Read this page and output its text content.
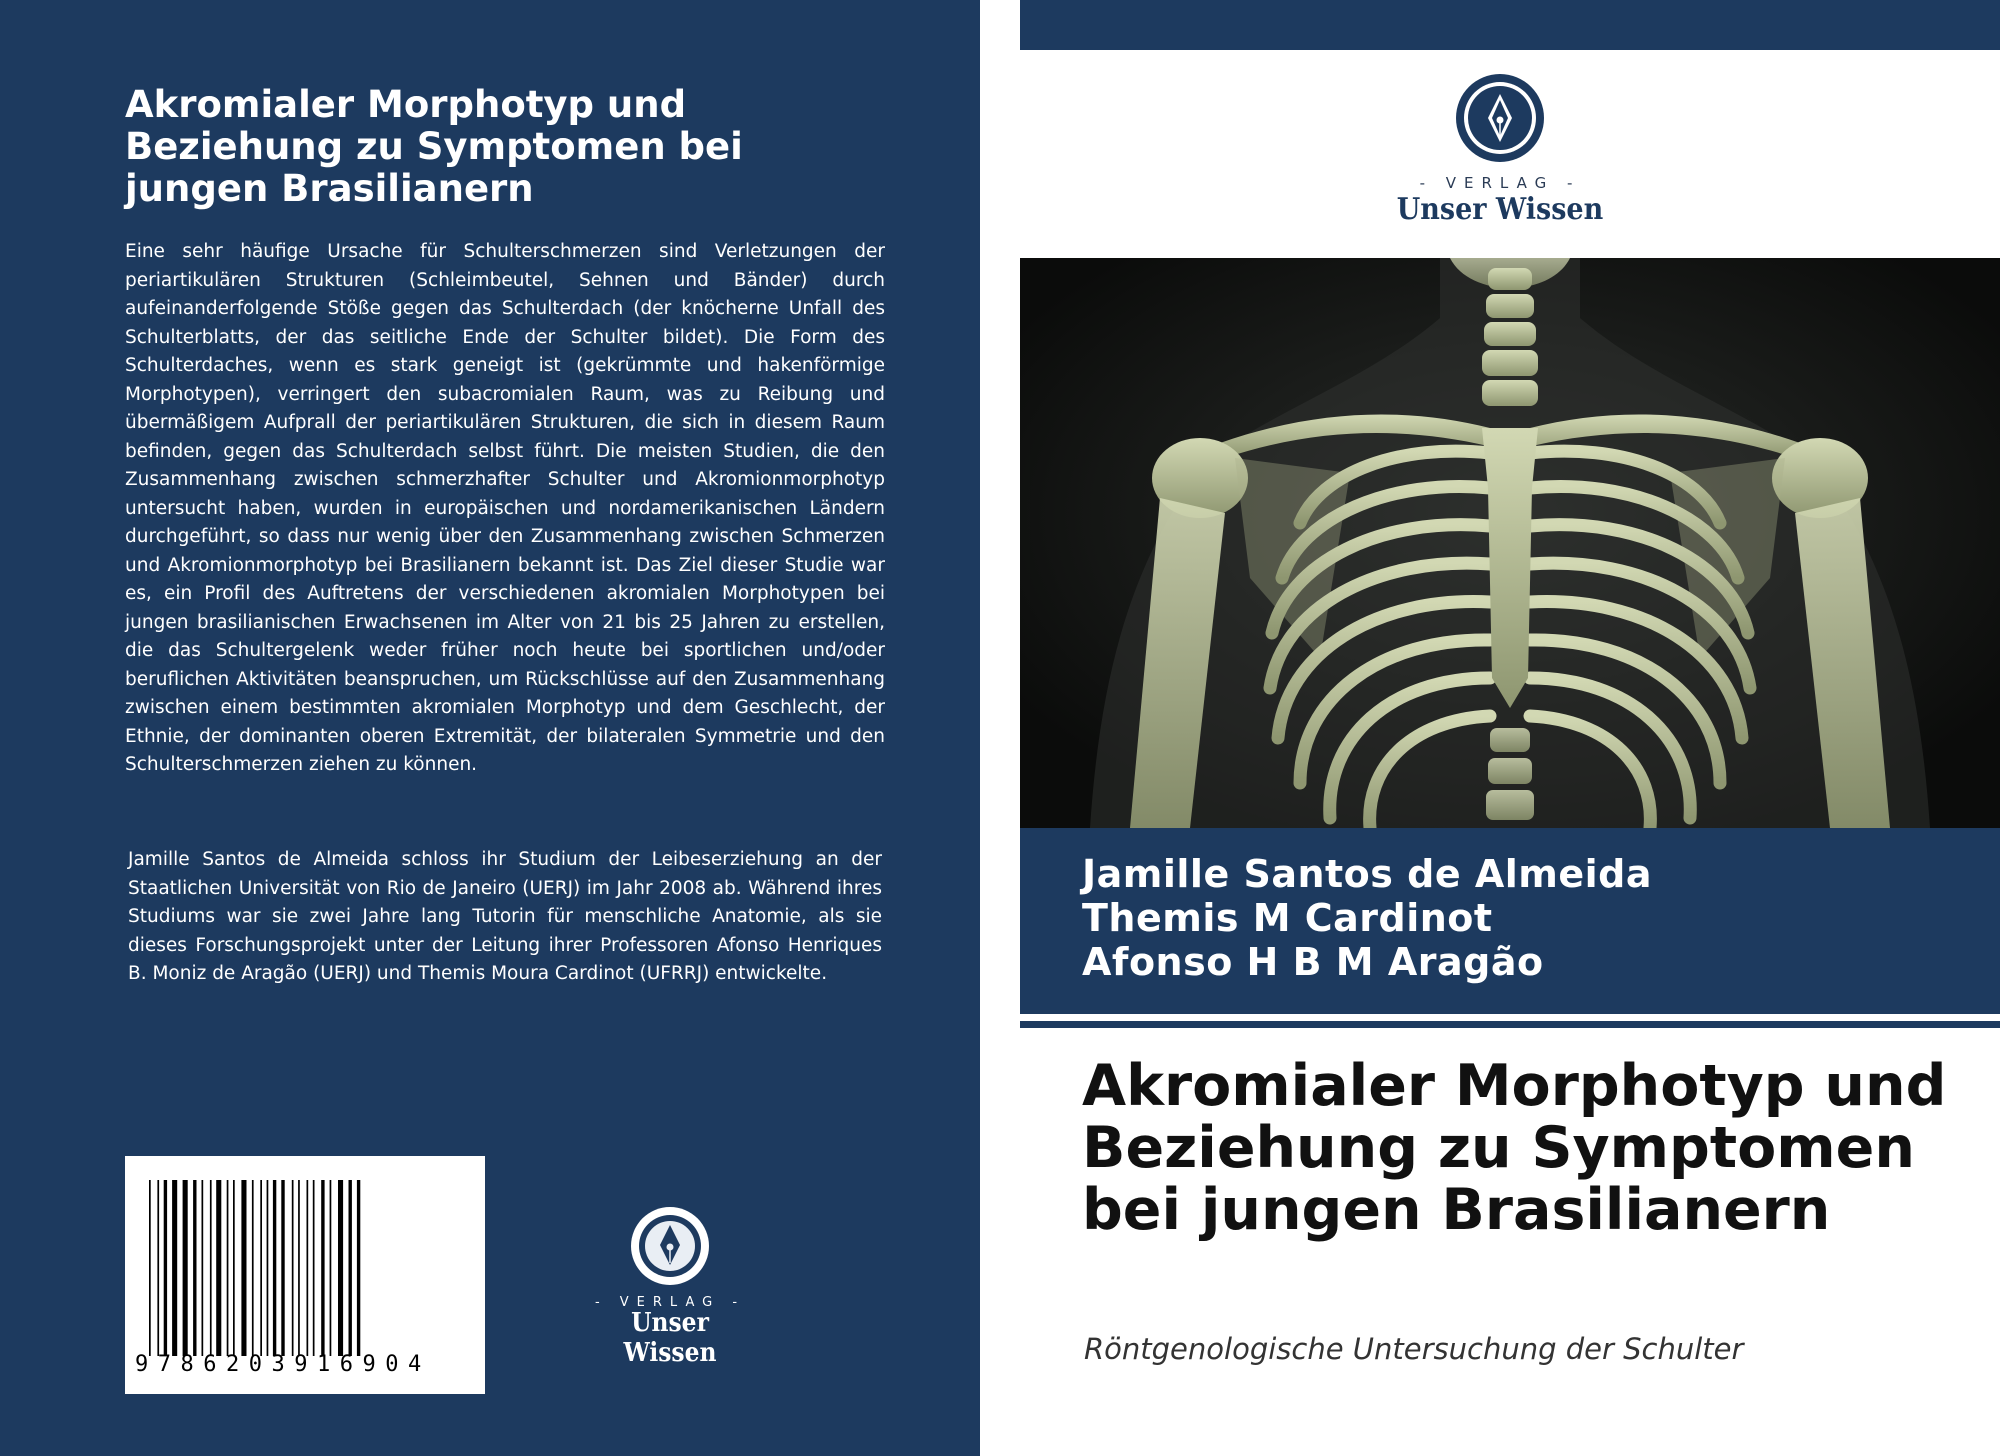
Akromialer Morphotyp und Beziehung zu Symptomen bei jungen Brasilianern

Eine sehr häufige Ursache für Schulterschmerzen sind Verletzungen der periartikulären Strukturen (Schleimbeutel, Sehnen und Bänder) durch aufeinanderfolgende Stöße gegen das Schulterdach (der knöcherne Unfall des Schulterblatts, der das seitliche Ende der Schulter bildet). Die Form des Schulterdaches, wenn es stark geneigt ist (gekrümmte und hakenförmige Morphotypen), verringert den subacromialen Raum, was zu Reibung und übermäßigem Aufprall der periartikulären Strukturen, die sich in diesem Raum befinden, gegen das Schulterdach selbst führt. Die meisten Studien, die den Zusammenhang zwischen schmerzhafter Schulter und Akromionmorphotyp untersucht haben, wurden in europäischen und nordamerikanischen Ländern durchgeführt, so dass nur wenig über den Zusammenhang zwischen Schmerzen und Akromionmorphotyp bei Brasilianern bekannt ist. Das Ziel dieser Studie war es, ein Profil des Auftretens der verschiedenen akromialen Morphotypen bei jungen brasilianischen Erwachsenen im Alter von 21 bis 25 Jahren zu erstellen, die das Schultergelenk weder früher noch heute bei sportlichen und/oder beruflichen Aktivitäten beanspruchen, um Rückschlüsse auf den Zusammenhang zwischen einem bestimmten akromialen Morphotyp und dem Geschlecht, der Ethnie, der dominanten oberen Extremität, der bilateralen Symmetrie und den Schulterschmerzen ziehen zu können.

Jamille Santos de Almeida schloss ihr Studium der Leibeserziehung an der Staatlichen Universität von Rio de Janeiro (UERJ) im Jahr 2008 ab. Während ihres Studiums war sie zwei Jahre lang Tutorin für menschliche Anatomie, als sie dieses Forschungsprojekt unter der Leitung ihrer Professoren Afonso Henriques B. Moniz de Aragão (UERJ) und Themis Moura Cardinot (UFRRJ) entwickelte.

9786203916904
- VERLAG -
Unser Wissen
- VERLAG -
Unser Wissen
Jamille Santos de Almeida
Themis M Cardinot
Afonso H B M Aragão
Akromialer Morphotyp und Beziehung zu Symptomen bei jungen Brasilianern

Röntgenologische Untersuchung der Schulter
